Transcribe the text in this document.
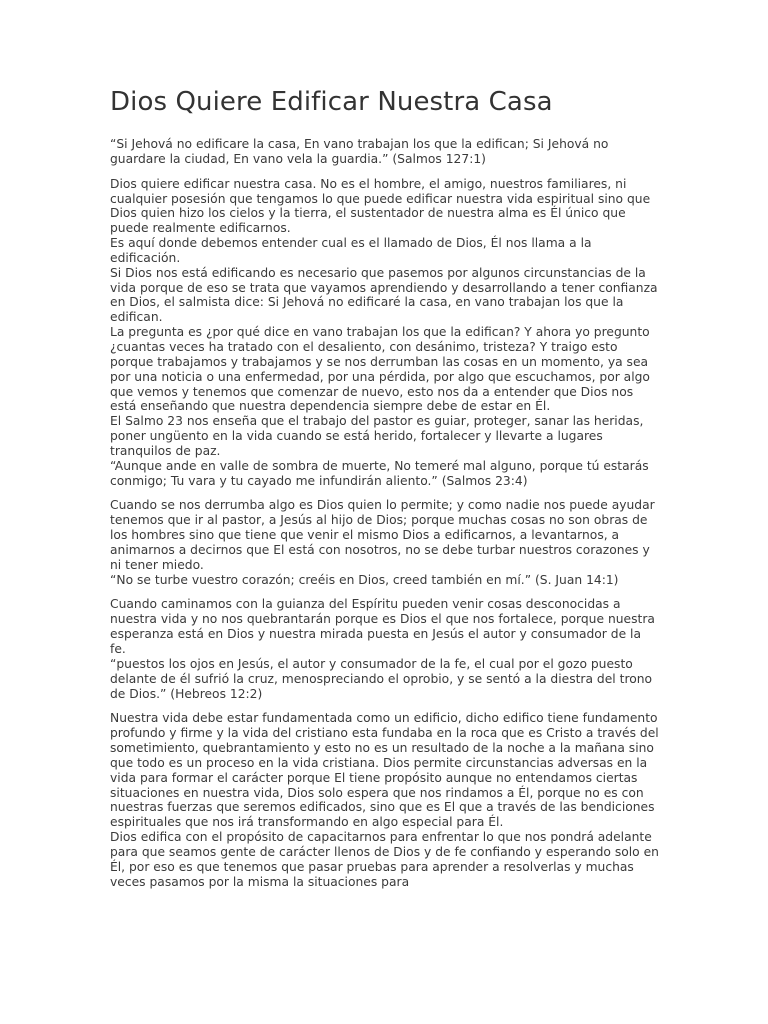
Dios Quiere Edificar Nuestra Casa

“Si Jehová no edificare la casa, En vano trabajan los que la edifican; Si Jehová no guardare la ciudad, En vano vela la guardia.” (Salmos 127:1)

Dios quiere edificar nuestra casa. No es el hombre, el amigo, nuestros familiares, ni cualquier posesión que tengamos lo que puede edificar nuestra vida espiritual sino que Dios quien hizo los cielos y la tierra, el sustentador de nuestra alma es Él único que puede realmente edificarnos.
Es aquí donde debemos entender cual es el llamado de Dios, Él nos llama a la edificación.
Si Dios nos está edificando es necesario que pasemos por algunos circunstancias de la vida porque de eso se trata que vayamos aprendiendo y desarrollando a tener confianza en Dios, el salmista dice: Si Jehová no edificaré la casa, en vano trabajan los que la edifican.
La pregunta es ¿por qué dice en vano trabajan los que la edifican? Y ahora yo pregunto ¿cuantas veces ha tratado con el desaliento, con desánimo, tristeza? Y traigo esto porque trabajamos y trabajamos y se nos derrumban las cosas en un momento, ya sea por una noticia o una enfermedad, por una pérdida, por algo que escuchamos, por algo que vemos y tenemos que comenzar de nuevo, esto nos da a entender que Dios nos está enseñando que nuestra dependencia siempre debe de estar en Él.
El Salmo 23 nos enseña que el trabajo del pastor es guiar, proteger, sanar las heridas, poner ungüento en la vida cuando se está herido, fortalecer y llevarte a lugares tranquilos de paz.
“Aunque ande en valle de sombra de muerte, No temeré mal alguno, porque tú estarás conmigo; Tu vara y tu cayado me infundirán aliento.” (Salmos 23:4)

Cuando se nos derrumba algo es Dios quien lo permite; y como nadie nos puede ayudar tenemos que ir al pastor, a Jesús al hijo de Dios; porque muchas cosas no son obras de los hombres sino que tiene que venir el mismo Dios a edificarnos, a levantarnos, a animarnos a decirnos que El está con nosotros, no se debe turbar nuestros corazones y ni tener miedo.
“No se turbe vuestro corazón; creéis en Dios, creed también en mí.” (S. Juan 14:1)

Cuando caminamos con la guianza del Espíritu pueden venir cosas desconocidas a nuestra vida y no nos quebrantarán porque es Dios el que nos fortalece, porque nuestra esperanza está en Dios y nuestra mirada puesta en Jesús el autor y consumador de la fe.
“puestos los ojos en Jesús, el autor y consumador de la fe, el cual por el gozo puesto delante de él sufrió la cruz, menospreciando el oprobio, y se sentó a la diestra del trono de Dios.” (Hebreos 12:2)

Nuestra vida debe estar fundamentada como un edificio, dicho edifico tiene fundamento profundo y firme y la vida del cristiano esta fundaba en la roca que es Cristo a través del sometimiento, quebrantamiento y esto no es un resultado de la noche a la mañana sino que todo es un proceso en la vida cristiana. Dios permite circunstancias adversas en la vida para formar el carácter porque El tiene propósito aunque no entendamos ciertas situaciones en nuestra vida, Dios solo espera que nos rindamos a Él, porque no es con nuestras fuerzas que seremos edificados, sino que es El que a través de las bendiciones espirituales que nos irá transformando en algo especial para Él.
Dios edifica con el propósito de capacitarnos para enfrentar lo que nos pondrá adelante para que seamos gente de carácter llenos de Dios y de fe confiando y esperando solo en Él, por eso es que tenemos que pasar pruebas para aprender a resolverlas y muchas veces pasamos por la misma la situaciones para
